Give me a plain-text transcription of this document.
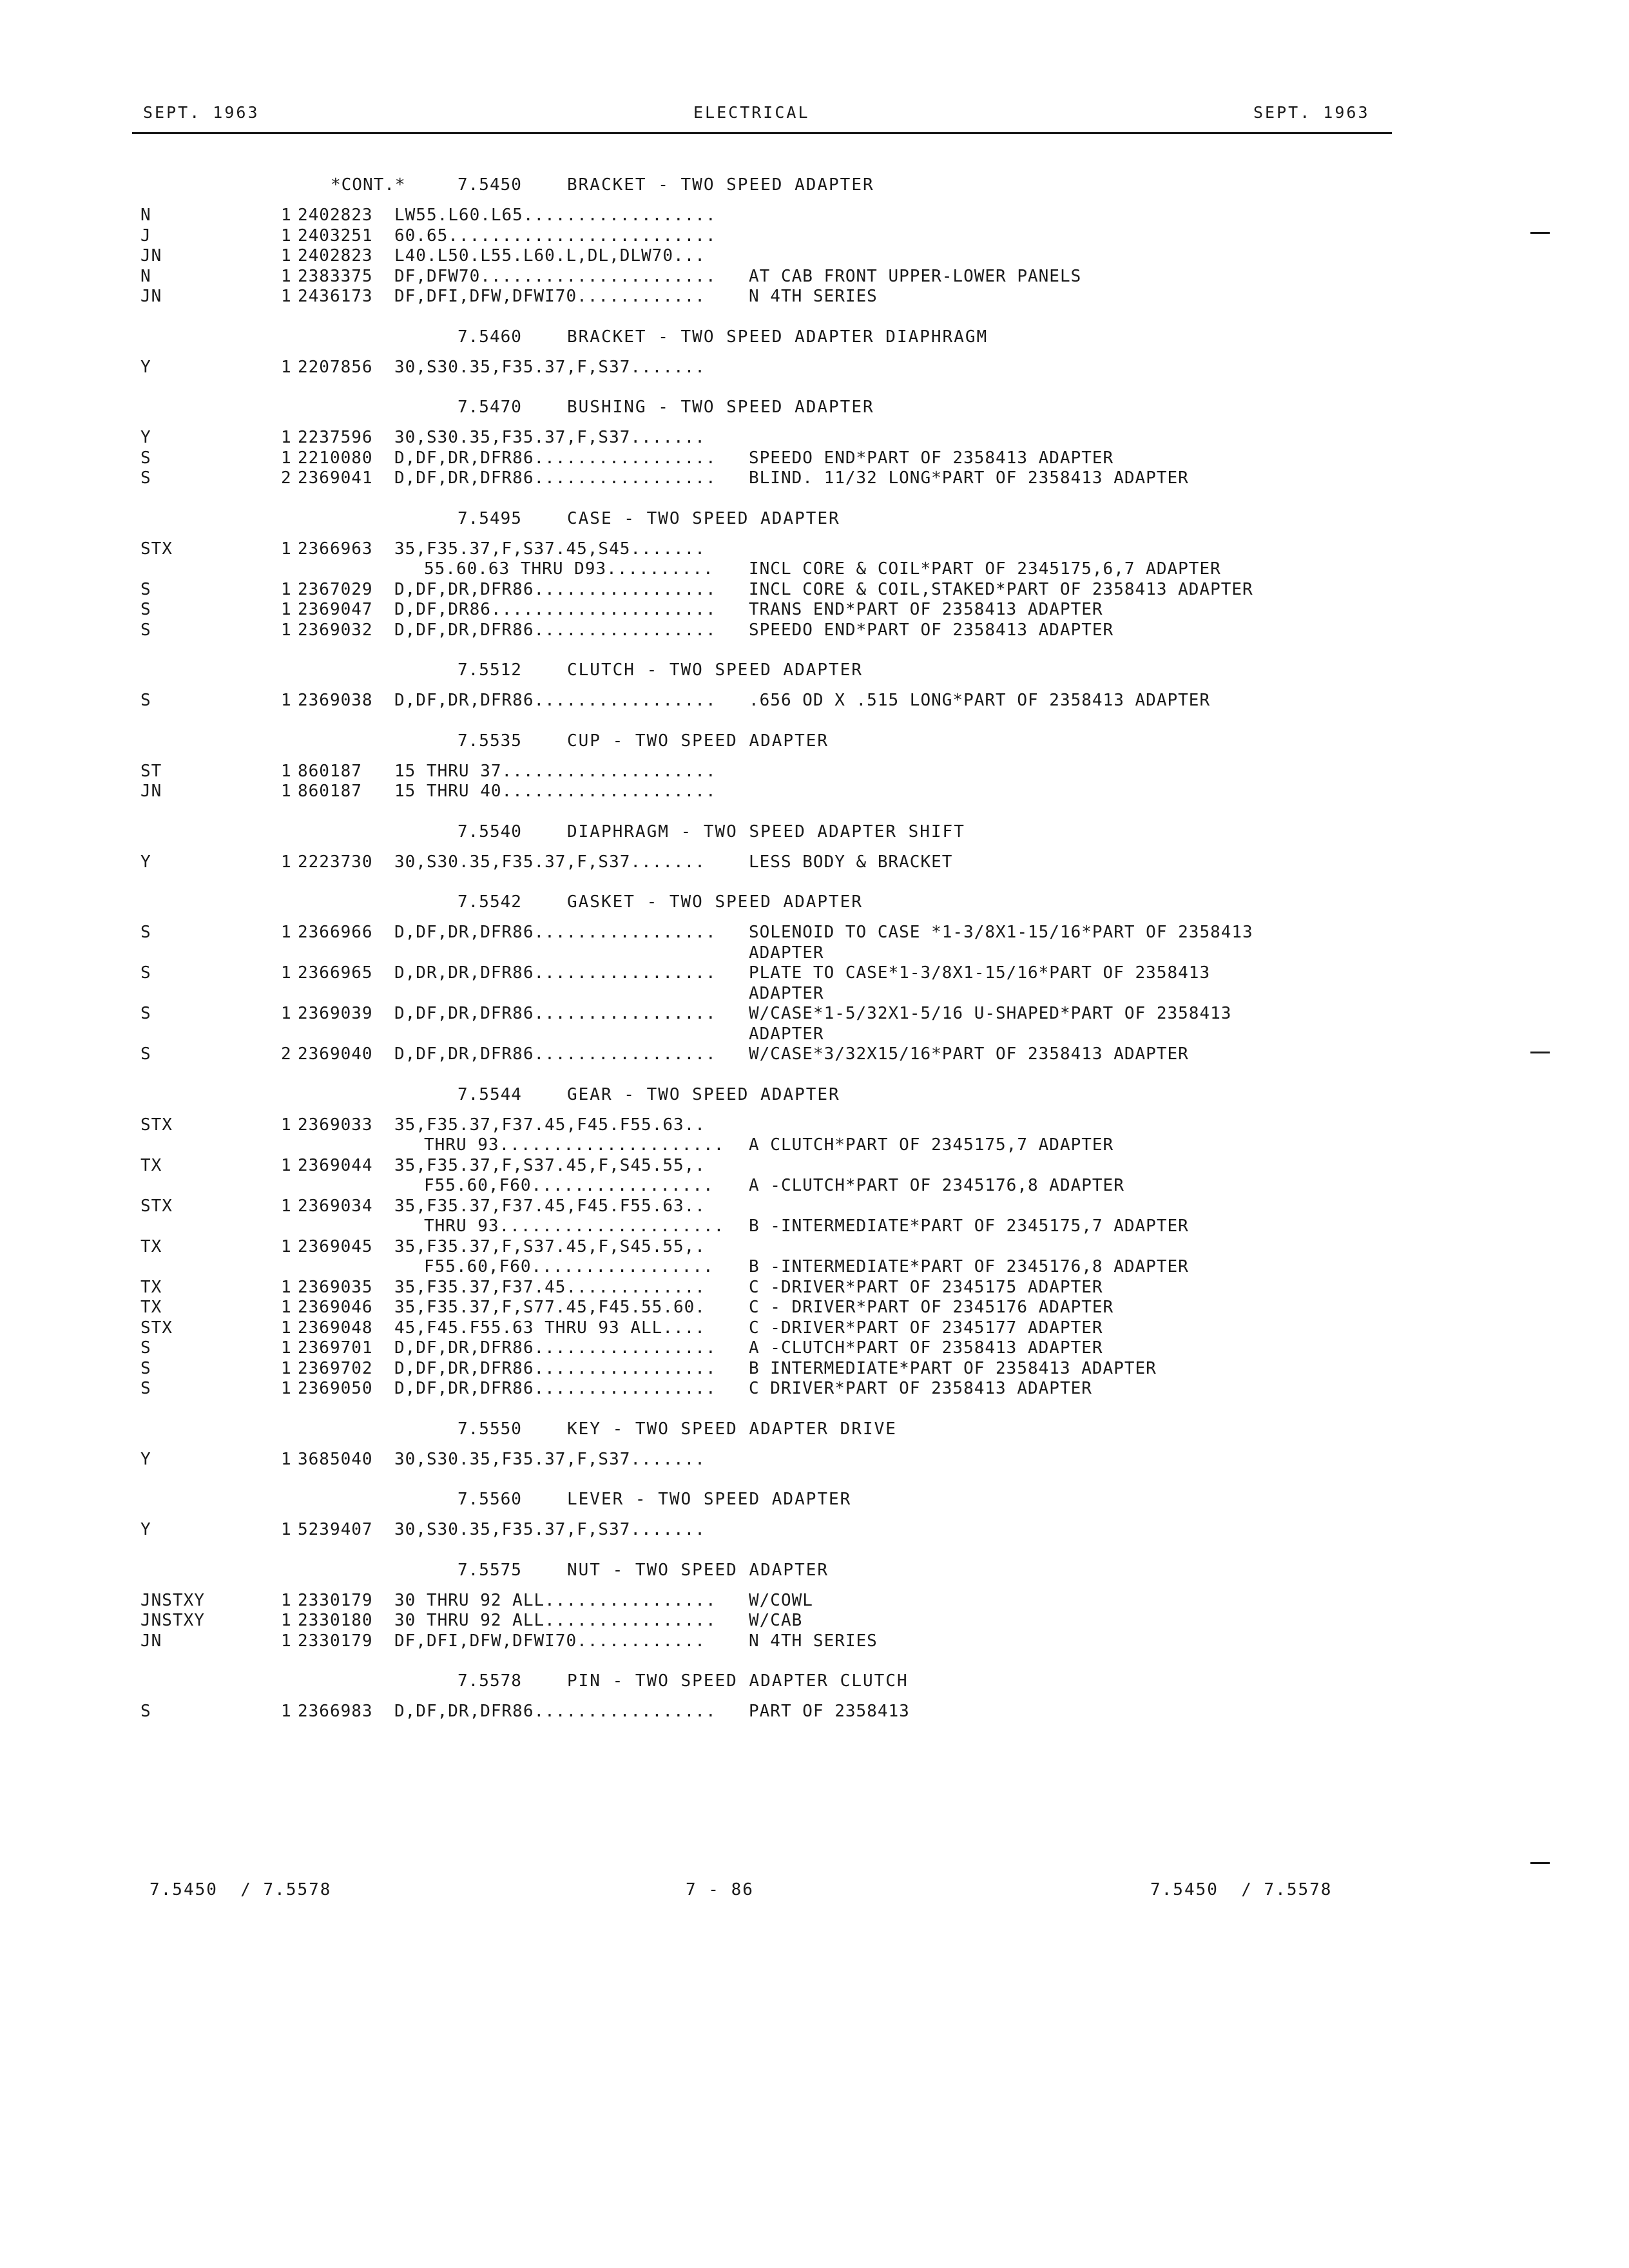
SEPT. 1963	ELECTRICAL	SEPT. 1963
*CONT.*	7.5450	BRACKET - TWO SPEED ADAPTER
N	1 2402823	LW55.L60.L65..................
J	1 2403251	60.65.........................
JN	1 2402823	L40.L50.L55.L60.L,DL,DLW70...
N	1 2383375	DF,DFW70......................	AT CAB FRONT UPPER-LOWER PANELS
JN	1 2436173	DF,DFI,DFW,DFWI70............	N 4TH SERIES
7.5460	BRACKET - TWO SPEED ADAPTER DIAPHRAGM
Y	1 2207856	30,S30.35,F35.37,F,S37.......
7.5470	BUSHING - TWO SPEED ADAPTER
Y	1 2237596	30,S30.35,F35.37,F,S37.......
S	1 2210080	D,DF,DR,DFR86.................	SPEEDO END*PART OF 2358413 ADAPTER
S	2 2369041	D,DF,DR,DFR86.................	BLIND. 11/32 LONG*PART OF 2358413 ADAPTER
7.5495	CASE - TWO SPEED ADAPTER
STX	1 2366963	35,F35.37,F,S37.45,S45.......
55.60.63 THRU D93..........	INCL CORE & COIL*PART OF 2345175,6,7 ADAPTER
S	1 2367029	D,DF,DR,DFR86.................	INCL CORE & COIL,STAKED*PART OF 2358413 ADAPTER
S	1 2369047	D,DF,DR86.....................	TRANS END*PART OF 2358413 ADAPTER
S	1 2369032	D,DF,DR,DFR86.................	SPEEDO END*PART OF 2358413 ADAPTER
7.5512	CLUTCH - TWO SPEED ADAPTER
S	1 2369038	D,DF,DR,DFR86.................	.656 OD X .515 LONG*PART OF 2358413 ADAPTER
7.5535	CUP - TWO SPEED ADAPTER
ST	1 860187	15 THRU 37....................
JN	1 860187	15 THRU 40....................
7.5540	DIAPHRAGM - TWO SPEED ADAPTER SHIFT
Y	1 2223730	30,S30.35,F35.37,F,S37.......	LESS BODY & BRACKET
7.5542	GASKET - TWO SPEED ADAPTER
S	1 2366966	D,DF,DR,DFR86.................	SOLENOID TO CASE *1-3/8X1-15/16*PART OF 2358413
ADAPTER
S	1 2366965	D,DR,DR,DFR86.................	PLATE TO CASE*1-3/8X1-15/16*PART OF 2358413
ADAPTER
S	1 2369039	D,DF,DR,DFR86.................	W/CASE*1-5/32X1-5/16 U-SHAPED*PART OF 2358413
ADAPTER
S	2 2369040	D,DF,DR,DFR86.................	W/CASE*3/32X15/16*PART OF 2358413 ADAPTER
7.5544	GEAR - TWO SPEED ADAPTER
STX	1 2369033	35,F35.37,F37.45,F45.F55.63..
THRU 93.....................	A CLUTCH*PART OF 2345175,7 ADAPTER
TX	1 2369044	35,F35.37,F,S37.45,F,S45.55,.
F55.60,F60.................	A -CLUTCH*PART OF 2345176,8 ADAPTER
STX	1 2369034	35,F35.37,F37.45,F45.F55.63..
THRU 93.....................	B -INTERMEDIATE*PART OF 2345175,7 ADAPTER
TX	1 2369045	35,F35.37,F,S37.45,F,S45.55,.
F55.60,F60.................	B -INTERMEDIATE*PART OF 2345176,8 ADAPTER
TX	1 2369035	35,F35.37,F37.45.............	C -DRIVER*PART OF 2345175 ADAPTER
TX	1 2369046	35,F35.37,F,S77.45,F45.55.60.	C - DRIVER*PART OF 2345176 ADAPTER
STX	1 2369048	45,F45.F55.63 THRU 93 ALL....	C -DRIVER*PART OF 2345177 ADAPTER
S	1 2369701	D,DF,DR,DFR86.................	A -CLUTCH*PART OF 2358413 ADAPTER
S	1 2369702	D,DF,DR,DFR86.................	B INTERMEDIATE*PART OF 2358413 ADAPTER
S	1 2369050	D,DF,DR,DFR86.................	C DRIVER*PART OF 2358413 ADAPTER
7.5550	KEY - TWO SPEED ADAPTER DRIVE
Y	1 3685040	30,S30.35,F35.37,F,S37.......
7.5560	LEVER - TWO SPEED ADAPTER
Y	1 5239407	30,S30.35,F35.37,F,S37.......
7.5575	NUT - TWO SPEED ADAPTER
JNSTXY	1 2330179	30 THRU 92 ALL................	W/COWL
JNSTXY	1 2330180	30 THRU 92 ALL................	W/CAB
JN	1 2330179	DF,DFI,DFW,DFWI70............	N 4TH SERIES
7.5578	PIN - TWO SPEED ADAPTER CLUTCH
S	1 2366983	D,DF,DR,DFR86.................	PART OF 2358413
7.5450  / 7.5578	7 - 86	7.5450  / 7.5578
